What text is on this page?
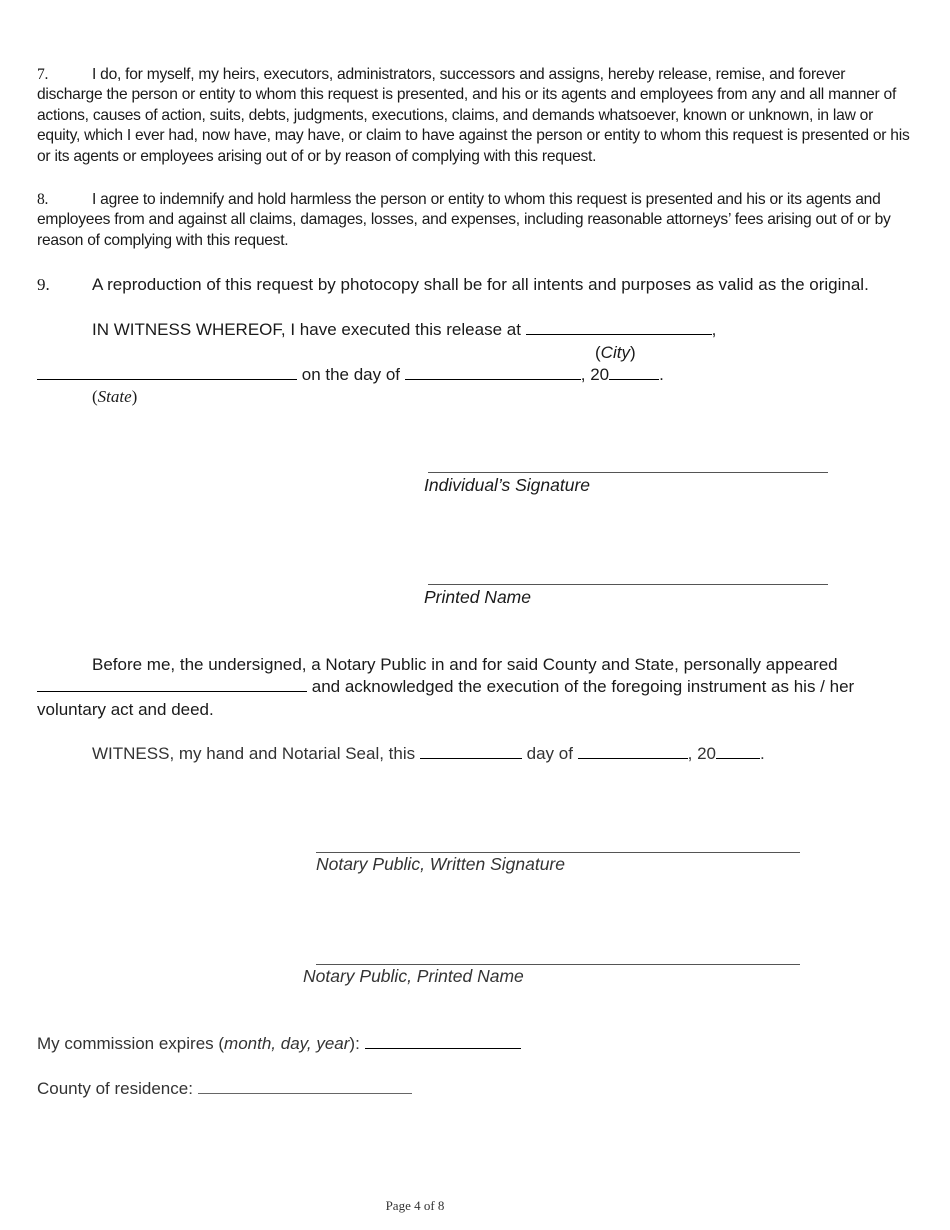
7.	I do, for myself, my heirs, executors, administrators, successors and assigns, hereby release, remise, and forever discharge the person or entity to whom this request is presented, and his or its agents and employees from any and all manner of actions, causes of action, suits, debts, judgments, executions, claims, and demands whatsoever, known or unknown, in law or equity, which I ever had, now have, may have, or claim to have against the person or entity to whom this request is presented or his or its agents or employees arising out of or by reason of complying with this request.
8.	I agree to indemnify and hold harmless the person or entity to whom this request is presented and his or its agents and employees from and against all claims, damages, losses, and expenses, including reasonable attorneys’ fees arising out of or by reason of complying with this request.
9. A reproduction of this request by photocopy shall be for all intents and purposes as valid as the original.
IN WITNESS WHEREOF, I have executed this release at	,
(City)
on the day of	, 20	.
(State)
Individual’s Signature
Printed Name
Before me, the undersigned, a Notary Public in and for said County and State, personally appeared
and acknowledged the execution of the foregoing instrument as his / her
voluntary act and deed.
WITNESS, my hand and Notarial Seal, this	day of	, 20	.
Notary Public, Written Signature
Notary Public, Printed Name
My commission expires (month, day, year):
County of residence:
Page 4 of 8
